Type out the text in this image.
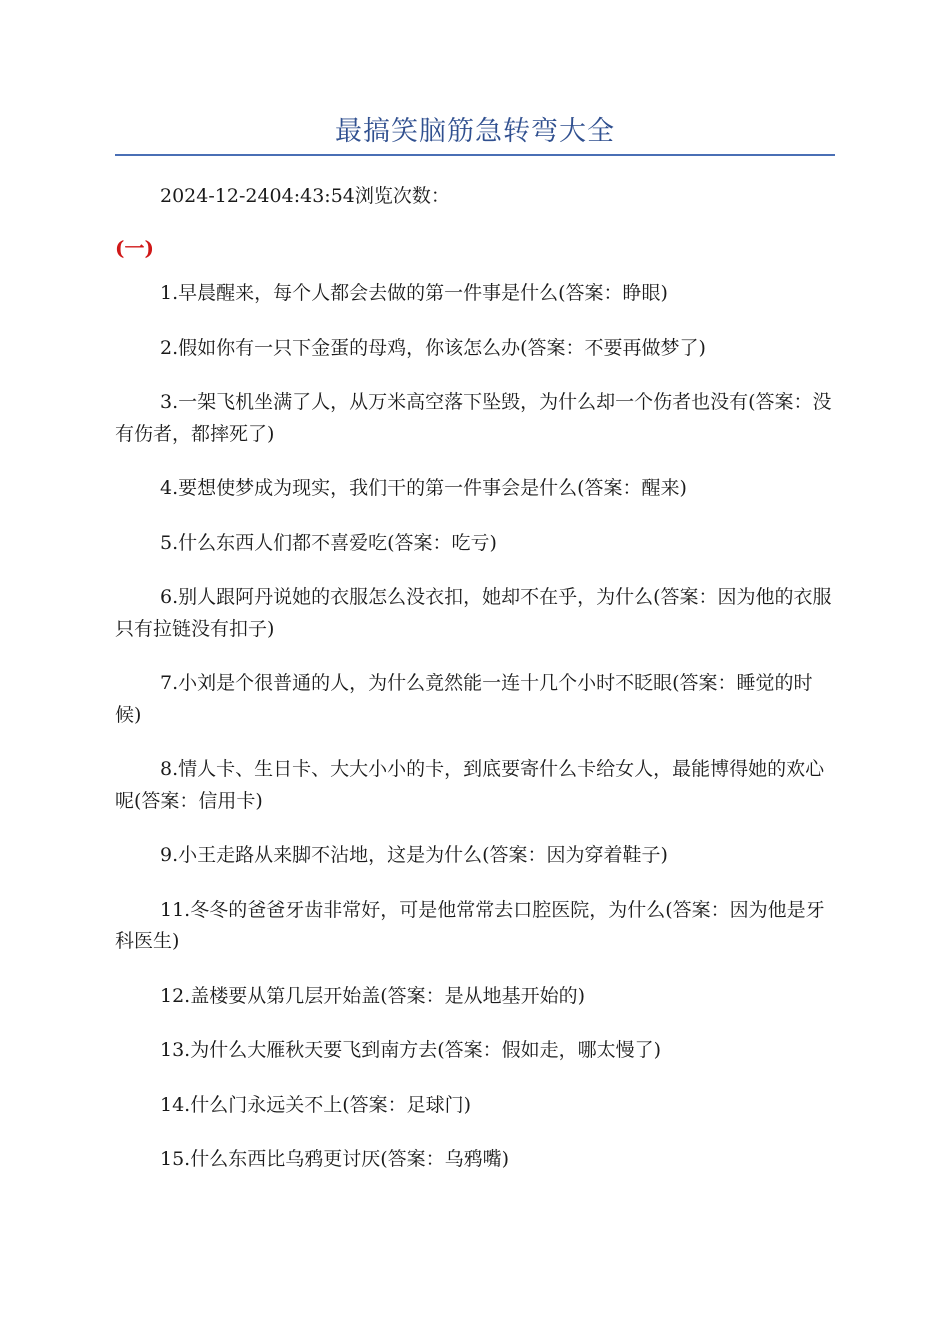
最搞笑脑筋急转弯大全
2024-12-2404:43:54浏览次数：
(一)
1.早晨醒来，每个人都会去做的第一件事是什么(答案：睁眼)
2.假如你有一只下金蛋的母鸡，你该怎么办(答案：不要再做梦了)
3.一架飞机坐满了人，从万米高空落下坠毁，为什么却一个伤者也没有(答案：没有伤者，都摔死了)
4.要想使梦成为现实，我们干的第一件事会是什么(答案：醒来)
5.什么东西人们都不喜爱吃(答案：吃亏)
6.别人跟阿丹说她的衣服怎么没衣扣，她却不在乎，为什么(答案：因为他的衣服只有拉链没有扣子)
7.小刘是个很普通的人，为什么竟然能一连十几个小时不眨眼(答案：睡觉的时候)
8.情人卡、生日卡、大大小小的卡，到底要寄什么卡给女人，最能博得她的欢心呢(答案：信用卡)
9.小王走路从来脚不沾地，这是为什么(答案：因为穿着鞋子)
11.冬冬的爸爸牙齿非常好，可是他常常去口腔医院，为什么(答案：因为他是牙科医生)
12.盖楼要从第几层开始盖(答案：是从地基开始的)
13.为什么大雁秋天要飞到南方去(答案：假如走，哪太慢了)
14.什么门永远关不上(答案：足球门)
15.什么东西比乌鸦更讨厌(答案：乌鸦嘴)
